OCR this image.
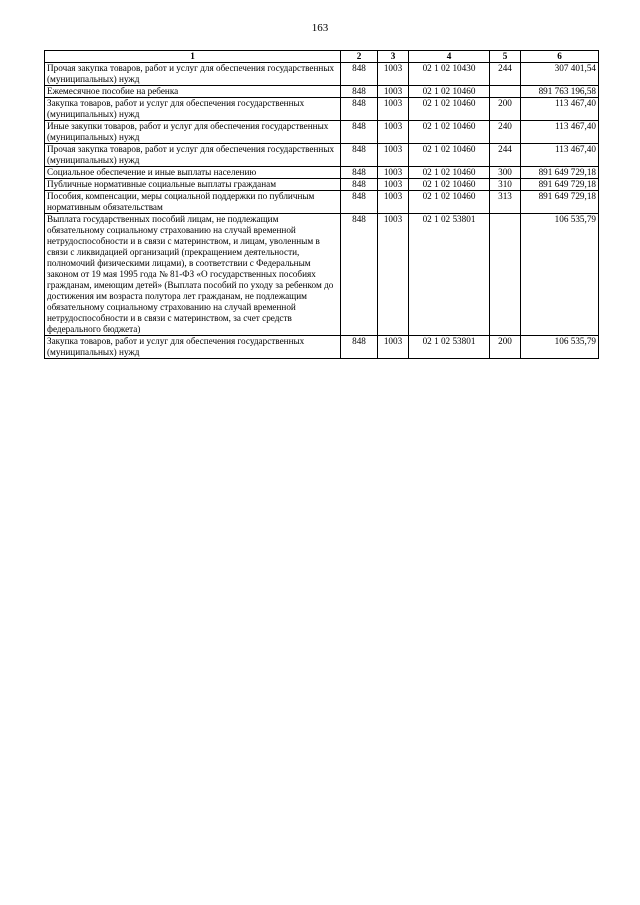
163
1	2	3	4	5	6
Прочая закупка товаров, работ и услуг для обеспечения государственных (муниципальных) нужд	848	1003	02 1 02 10430	244	307 401,54
Ежемесячное пособие на ребенка	848	1003	02 1 02 10460		891 763 196,58
Закупка товаров, работ и услуг для обеспечения государственных (муниципальных) нужд	848	1003	02 1 02 10460	200	113 467,40
Иные закупки товаров, работ и услуг для обеспечения государственных (муниципальных) нужд	848	1003	02 1 02 10460	240	113 467,40
Прочая закупка товаров, работ и услуг для обеспечения государственных (муниципальных) нужд	848	1003	02 1 02 10460	244	113 467,40
Социальное обеспечение и иные выплаты населению	848	1003	02 1 02 10460	300	891 649 729,18
Публичные нормативные социальные выплаты гражданам	848	1003	02 1 02 10460	310	891 649 729,18
Пособия, компенсации, меры социальной поддержки по публичным нормативным обязательствам	848	1003	02 1 02 10460	313	891 649 729,18
Выплата государственных пособий лицам, не подлежащим обязательному социальному страхованию на случай временной нетрудоспособности и в связи с материнством, и лицам, уволенным в связи с ликвидацией организаций (прекращением деятельности, полномочий физическими лицами), в соответствии с Федеральным законом от 19 мая 1995 года № 81-ФЗ «О государственных пособиях гражданам, имеющим детей» (Выплата пособий по уходу за ребенком до достижения им возраста полутора лет гражданам, не подлежащим обязательному социальному страхованию на случай временной нетрудоспособности и в связи с материнством, за счет средств федерального бюджета)	848	1003	02 1 02 53801		106 535,79
Закупка товаров, работ и услуг для обеспечения государственных (муниципальных) нужд	848	1003	02 1 02 53801	200	106 535,79
